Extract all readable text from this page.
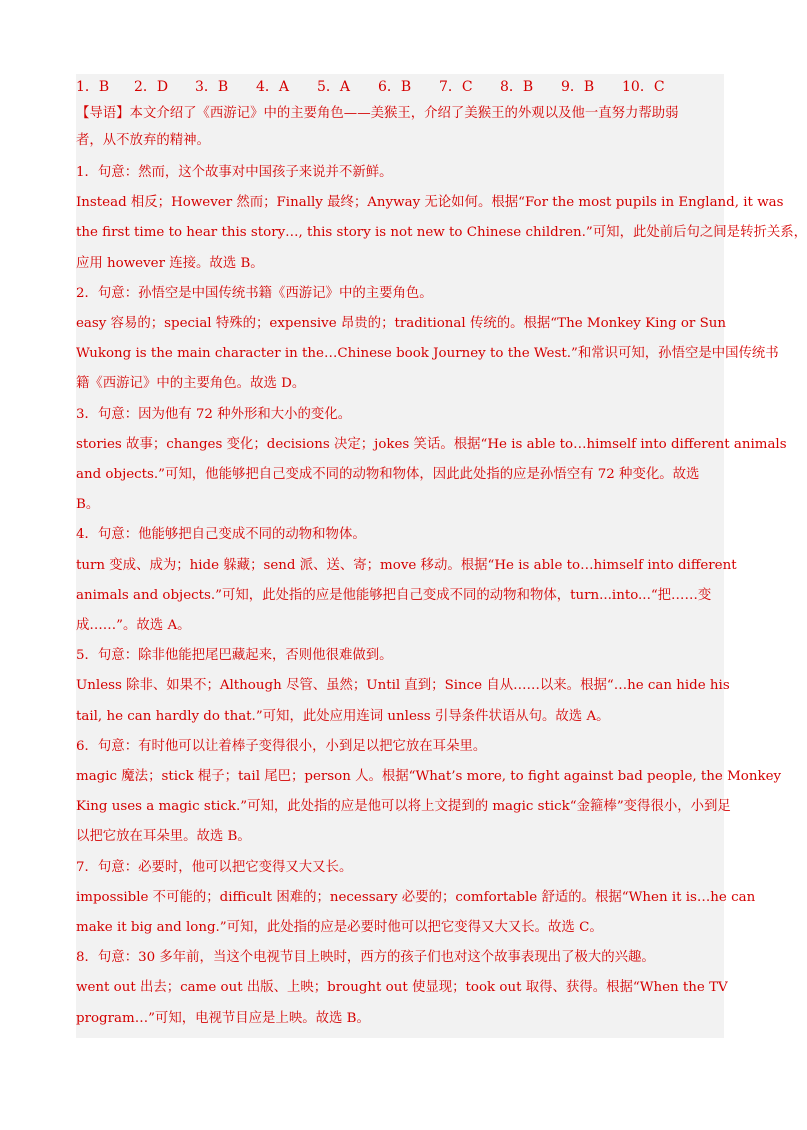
1．B	2．D	3．B	4．A	5．A	6．B	7．C	8．B	9．B	10．C
【导语】本文介绍了《西游记》中的主要角色——美猴王，介绍了美猴王的外观以及他一直努力帮助弱
者，从不放弃的精神。
1．句意：然而，这个故事对中国孩子来说并不新鲜。
Instead 相反；However 然而；Finally 最终；Anyway 无论如何。根据“For the most pupils in England, it was
the first time to hear this story…, this story is not new to Chinese children.”可知，此处前后句之间是转折关系，
应用 however 连接。故选 B。
2．句意：孙悟空是中国传统书籍《西游记》中的主要角色。
easy 容易的；special 特殊的；expensive 昂贵的；traditional 传统的。根据“The Monkey King or Sun
Wukong is the main character in the…Chinese book Journey to the West.”和常识可知，孙悟空是中国传统书
籍《西游记》中的主要角色。故选 D。
3．句意：因为他有 72 种外形和大小的变化。
stories 故事；changes 变化；decisions 决定；jokes 笑话。根据“He is able to…himself into different animals
and objects.”可知，他能够把自己变成不同的动物和物体，因此此处指的应是孙悟空有 72 种变化。故选
B。
4．句意：他能够把自己变成不同的动物和物体。
turn 变成、成为；hide 躲藏；send 派、送、寄；move 移动。根据“He is able to…himself into different
animals and objects.”可知，此处指的应是他能够把自己变成不同的动物和物体，turn...into...“把……变
成……”。故选 A。
5．句意：除非他能把尾巴藏起来，否则他很难做到。
Unless 除非、如果不；Although 尽管、虽然；Until 直到；Since 自从……以来。根据“…he can hide his
tail, he can hardly do that.”可知，此处应用连词 unless 引导条件状语从句。故选 A。
6．句意：有时他可以让着棒子变得很小，小到足以把它放在耳朵里。
magic 魔法；stick 棍子；tail 尾巴；person 人。根据“What’s more, to fight against bad people, the Monkey
King uses a magic stick.”可知，此处指的应是他可以将上文提到的 magic stick“金箍棒”变得很小，小到足
以把它放在耳朵里。故选 B。
7．句意：必要时，他可以把它变得又大又长。
impossible 不可能的；difficult 困难的；necessary 必要的；comfortable 舒适的。根据“When it is…he can
make it big and long.”可知，此处指的应是必要时他可以把它变得又大又长。故选 C。
8．句意：30 多年前，当这个电视节目上映时，西方的孩子们也对这个故事表现出了极大的兴趣。
went out 出去；came out 出版、上映；brought out 使显现；took out 取得、获得。根据“When the TV
program…”可知，电视节目应是上映。故选 B。
